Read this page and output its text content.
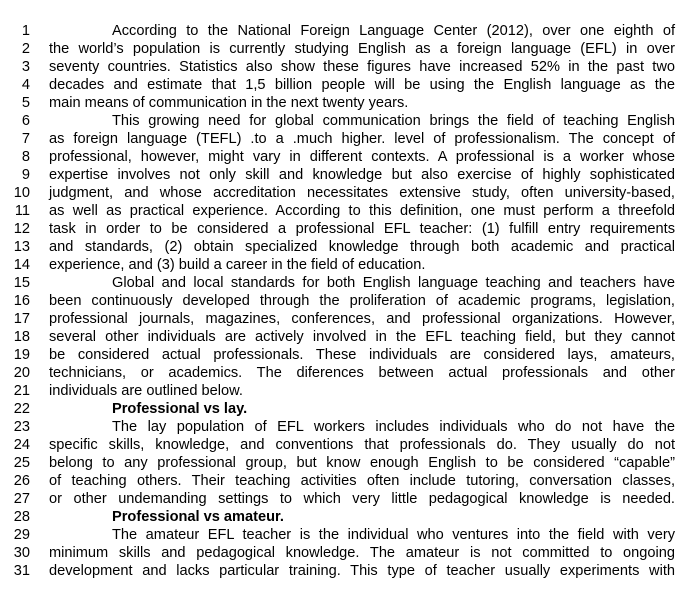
1	According to the National Foreign Language Center (2012), over one eighth of
2 the world’s population is currently studying English as a foreign language (EFL) in over
3 seventy countries. Statistics also show these figures have increased 52% in the past two
4 decades and estimate that 1,5 billion people will be using the English language as the
5 main means of communication in the next twenty years.
6	This growing need for global communication brings the field of teaching English
7 as foreign language (TEFL) .to a .much higher. level of professionalism. The concept of
8 professional, however, might vary in different contexts. A professional is a worker whose
9 expertise involves not only skill and knowledge but also exercise of highly sophisticated
10 judgment, and whose accreditation necessitates extensive study, often university-based,
11 as well as practical experience. According to this definition, one must perform a threefold
12 task in order to be considered a professional EFL teacher: (1) fulfill entry requirements
13 and standards, (2) obtain specialized knowledge through both academic and practical
14 experience, and (3) build a career in the field of education.
15	Global and local standards for both English language teaching and teachers have
16 been continuously developed through the proliferation of academic programs, legislation,
17 professional journals, magazines, conferences, and professional organizations. However,
18 several other individuals are actively involved in the EFL teaching field, but they cannot
19 be considered actual professionals. These individuals are considered lays, amateurs,
20 technicians, or academics. The diferences between actual professionals and other
21 individuals are outlined below.
22	Professional vs lay.
23	The lay population of EFL workers includes individuals who do not have the
24 specific skills, knowledge, and conventions that professionals do. They usually do not
25 belong to any professional group, but know enough English to be considered “capable”
26 of teaching others. Their teaching activities often include tutoring, conversation classes,
27 or other undemanding settings to which very little pedagogical knowledge is needed.
28	Professional vs amateur.
29	The amateur EFL teacher is the individual who ventures into the field with very
30 minimum skills and pedagogical knowledge. The amateur is not committed to ongoing
31 development and lacks particular training. This type of teacher usually experiments with
